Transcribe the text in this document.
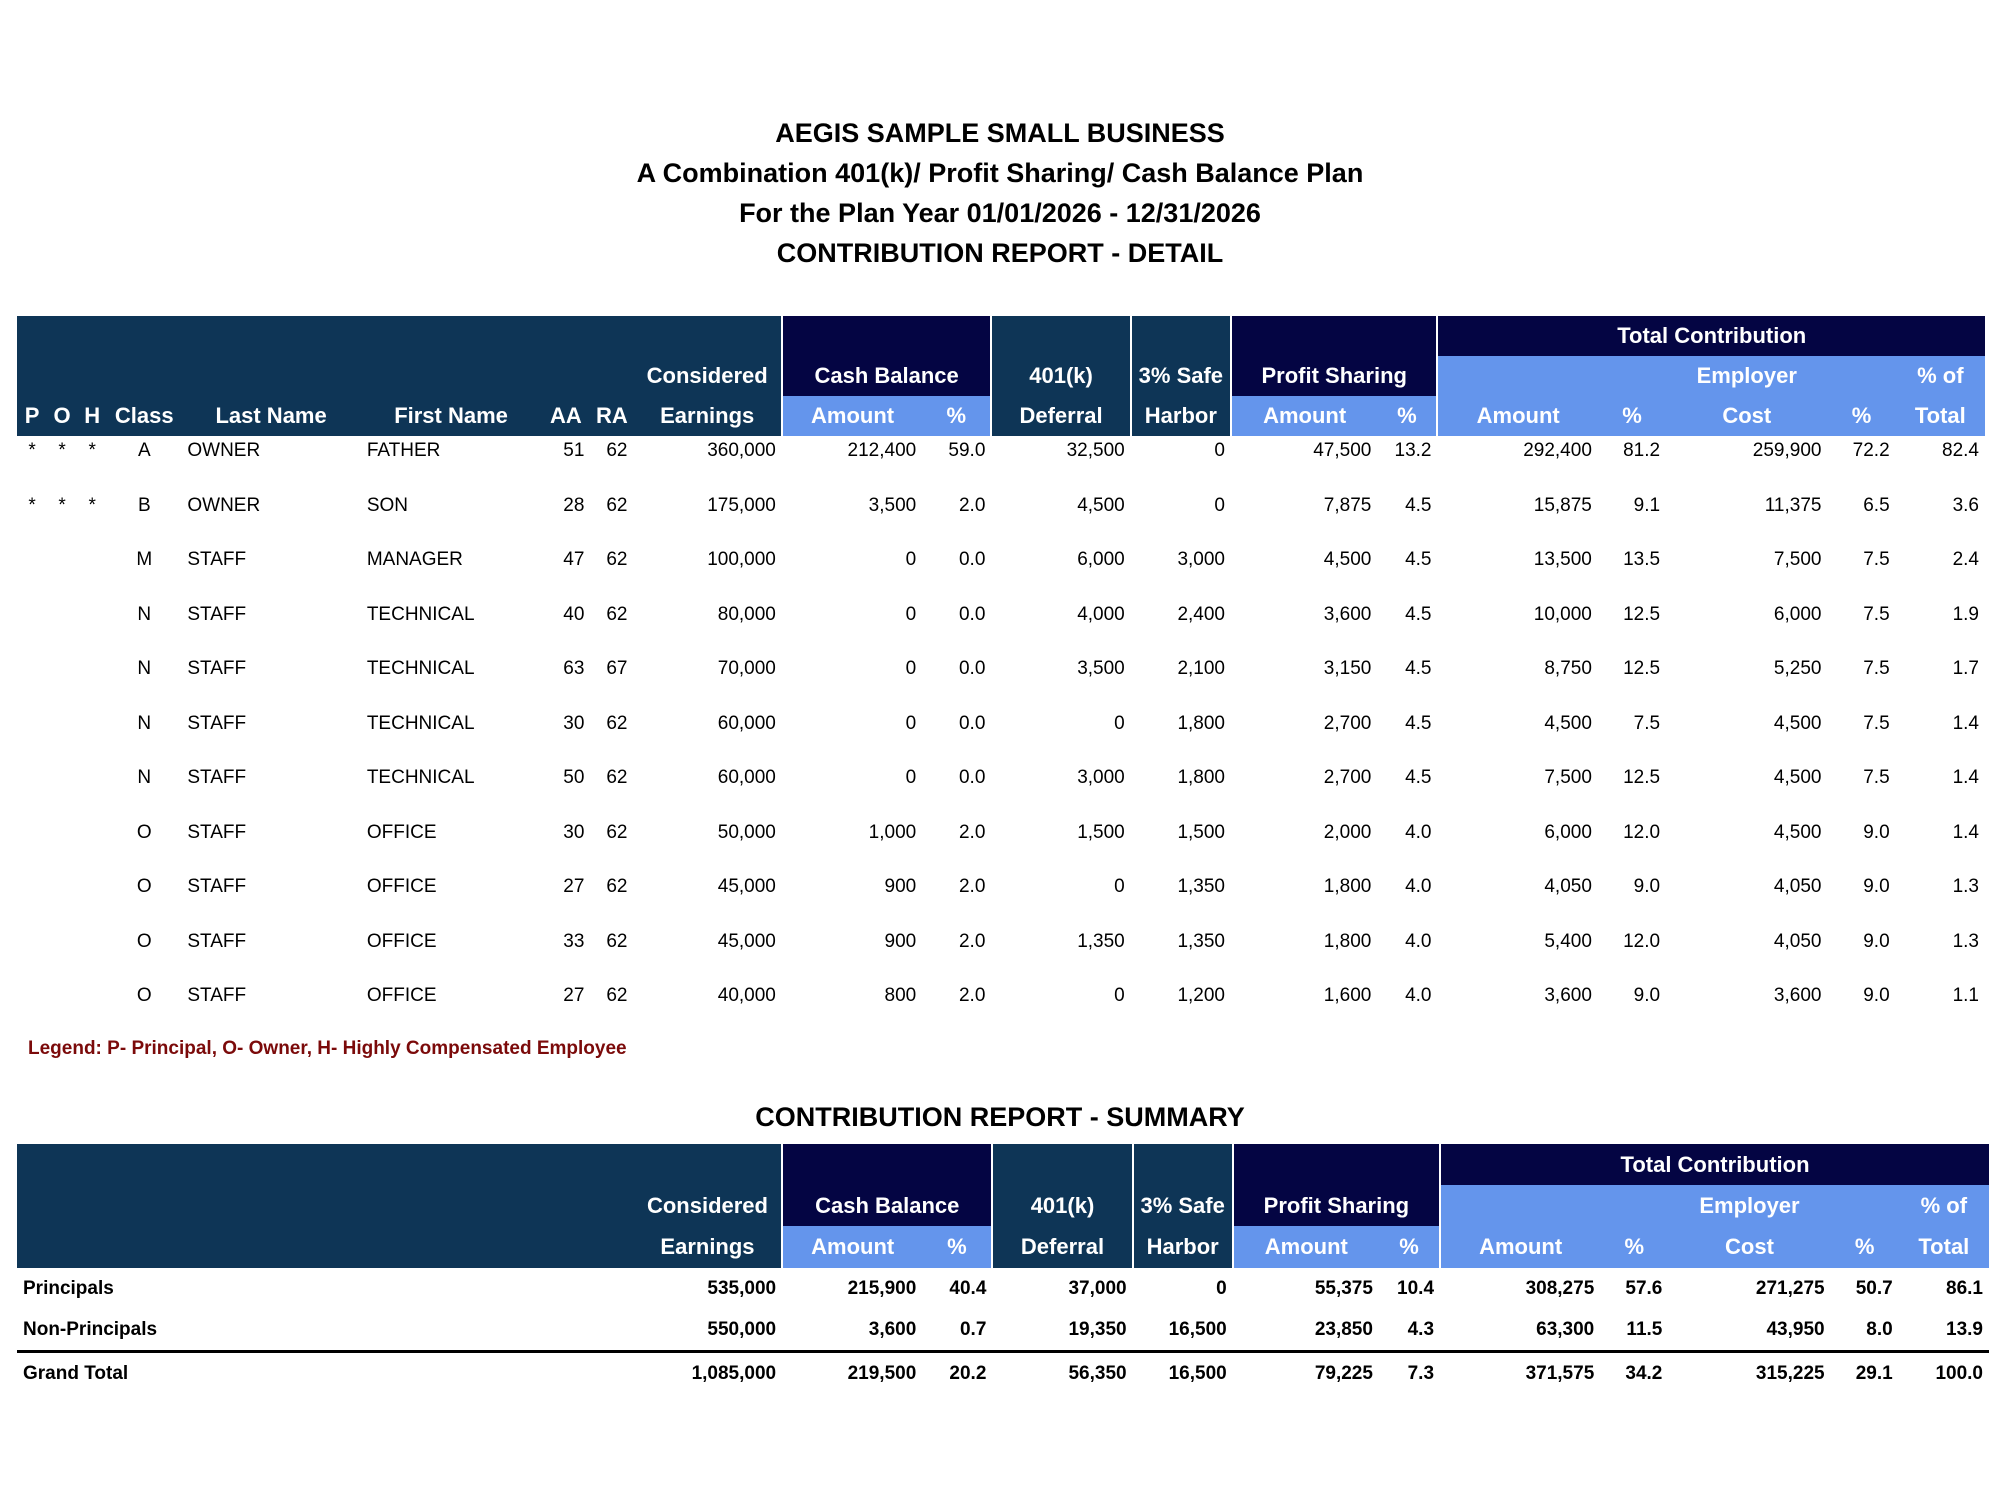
AEGIS SAMPLE SMALL BUSINESS
A Combination 401(k)/ Profit Sharing/ Cash Balance Plan
For the Plan Year 01/01/2026 - 12/31/2026
CONTRIBUTION REPORT - DETAIL
															Total Contribution				
								Considered	Cash Balance		401(k)	3% Safe	Profit Sharing				Employer		% of
P	O	H	Class	Last Name	First Name	AA	RA	Earnings	Amount	%	Deferral	Harbor	Amount	%	Amount	%	Cost	%	Total
*	*	*	A	OWNER	FATHER	51	62	360,000	212,400	59.0	32,500	0	47,500	13.2	292,400	81.2	259,900	72.2	82.4
*	*	*	B	OWNER	SON	28	62	175,000	3,500	2.0	4,500	0	7,875	4.5	15,875	9.1	11,375	6.5	3.6
			M	STAFF	MANAGER	47	62	100,000	0	0.0	6,000	3,000	4,500	4.5	13,500	13.5	7,500	7.5	2.4
			N	STAFF	TECHNICAL	40	62	80,000	0	0.0	4,000	2,400	3,600	4.5	10,000	12.5	6,000	7.5	1.9
			N	STAFF	TECHNICAL	63	67	70,000	0	0.0	3,500	2,100	3,150	4.5	8,750	12.5	5,250	7.5	1.7
			N	STAFF	TECHNICAL	30	62	60,000	0	0.0	0	1,800	2,700	4.5	4,500	7.5	4,500	7.5	1.4
			N	STAFF	TECHNICAL	50	62	60,000	0	0.0	3,000	1,800	2,700	4.5	7,500	12.5	4,500	7.5	1.4
			O	STAFF	OFFICE	30	62	50,000	1,000	2.0	1,500	1,500	2,000	4.0	6,000	12.0	4,500	9.0	1.4
			O	STAFF	OFFICE	27	62	45,000	900	2.0	0	1,350	1,800	4.0	4,050	9.0	4,050	9.0	1.3
			O	STAFF	OFFICE	33	62	45,000	900	2.0	1,350	1,350	1,800	4.0	5,400	12.0	4,050	9.0	1.3
			O	STAFF	OFFICE	27	62	40,000	800	2.0	0	1,200	1,600	4.0	3,600	9.0	3,600	9.0	1.1
Legend: P- Principal, O- Owner, H- Highly Compensated Employee
CONTRIBUTION REPORT - SUMMARY
								Total Contribution				
	Considered	Cash Balance		401(k)	3% Safe	Profit Sharing				Employer		% of
	Earnings	Amount	%	Deferral	Harbor	Amount	%	Amount	%	Cost	%	Total
Principals	535,000	215,900	40.4	37,000	0	55,375	10.4	308,275	57.6	271,275	50.7	86.1
Non-Principals	550,000	3,600	0.7	19,350	16,500	23,850	4.3	63,300	11.5	43,950	8.0	13.9
Grand Total	1,085,000	219,500	20.2	56,350	16,500	79,225	7.3	371,575	34.2	315,225	29.1	100.0
